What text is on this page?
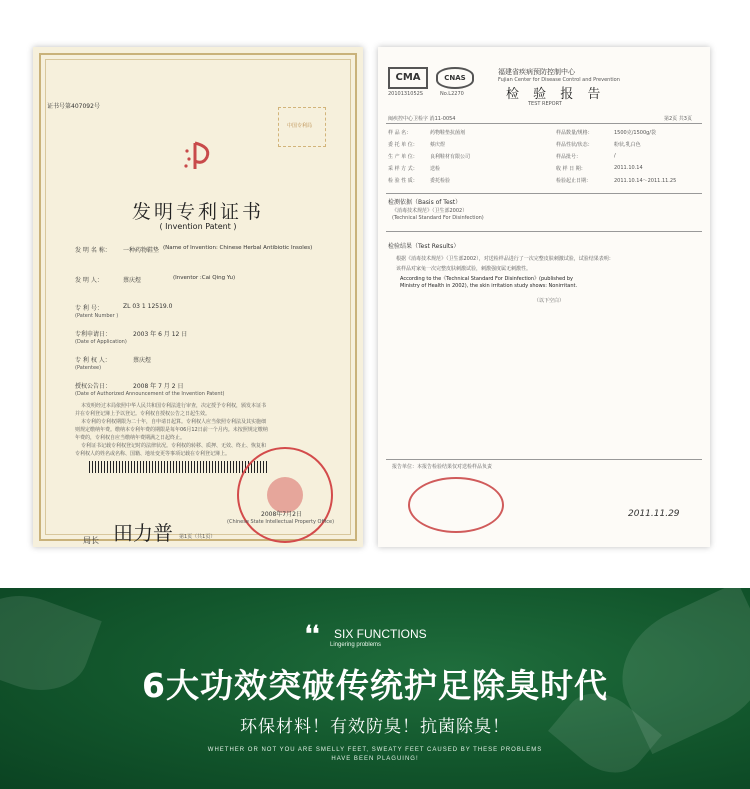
证书号第407092号
中国专利局
发明专利证书
( Invention Patent )
发 明 名 称： 一种药物鞋垫 (Name of Invention: Chinese Herbal Antibiotic Insoles)
发 明 人：	蔡庆煜	(Inventor :Cai Qing Yu)
专 利 号：	ZL 03 1 12519.0
(Patent Number )
专利申请日：	2003 年 6 月 12 日
(Date of Application)
专 利 权 人：	蔡庆煜
(Patentee)
授权公告日：	2008 年 7 月 2 日
(Date of Authorized Announcement of the Invention Patent)
本发明经过本局依照中华人民共和国专利法进行审查，决定授予专利权，颁发本证书
并在专利登记簿上予以登记。专利权自授权公告之日起生效。
本专利的专利权期限为二十年，自申请日起算。专利权人应当依照专利法及其实施细
则规定缴纳年费。缴纳本专利年费的期限是每年06月12日前一个月内。未按照规定缴纳
年费的，专利权自应当缴纳年费期满之日起终止。
专利证书记载专利权登记时的法律状况。专利权的转移、质押、无效、终止、恢复和
专利权人的姓名或名称、国籍、地址变更等事项记载在专利登记簿上。
局长 田力普
2008年7月2日
(Chinese State Intellectual Property Office)
第1页（共1页）
CMA
2010131052S
CNAS
No.L2270
福建省疾病预防控制中心
Fujian Center for Disease Control and Prevention
检 验 报 告
TEST REPORT
闽疾控中心卫检字 消11-0054	第2页 共3页
样 品 名：	药物鞋垫抗菌剂	样品数量/规格：	1500克/1500g/袋
委 托 单 位： 蔡庆煜	样品性状/状态：	粉状,乳白色
生 产 单 位： 良利鞋材有限公司	样品批号：	/
采 样 方 式： 送检	收 样 日 期：	2011.10.14
检 验 性 质： 委托检验	检验起止日期：	2011.10.14～2011.11.25
检测依据（Basis of Test）
《消毒技术规范》（卫生部2002）
(Technical Standard For Disinfection)
检验结果（Test Results）
根据《消毒技术规范》（卫生部2002），对送检样品进行了一次完整皮肤刺激试验，试验结果表明：
该样品对家兔一次完整皮肤刺激试验，刺激强度属无刺激性。
According to the《Technical Standard For Disinfection》(published by
Ministry of Health in 2002), the skin irritation study shows: Nonirritant.
（以下空白）
报告单位：本报告检验结果仅对送检样品负责
2011.11.29
❛❛ SIX FUNCTIONS
Lingering problems
6大功效突破传统护足除臭时代
环保材料！有效防臭！抗菌除臭！
WHETHER OR NOT YOU ARE SMELLY FEET, SWEATY FEET CAUSED BY THESE PROBLEMS
HAVE BEEN PLAGUING!
